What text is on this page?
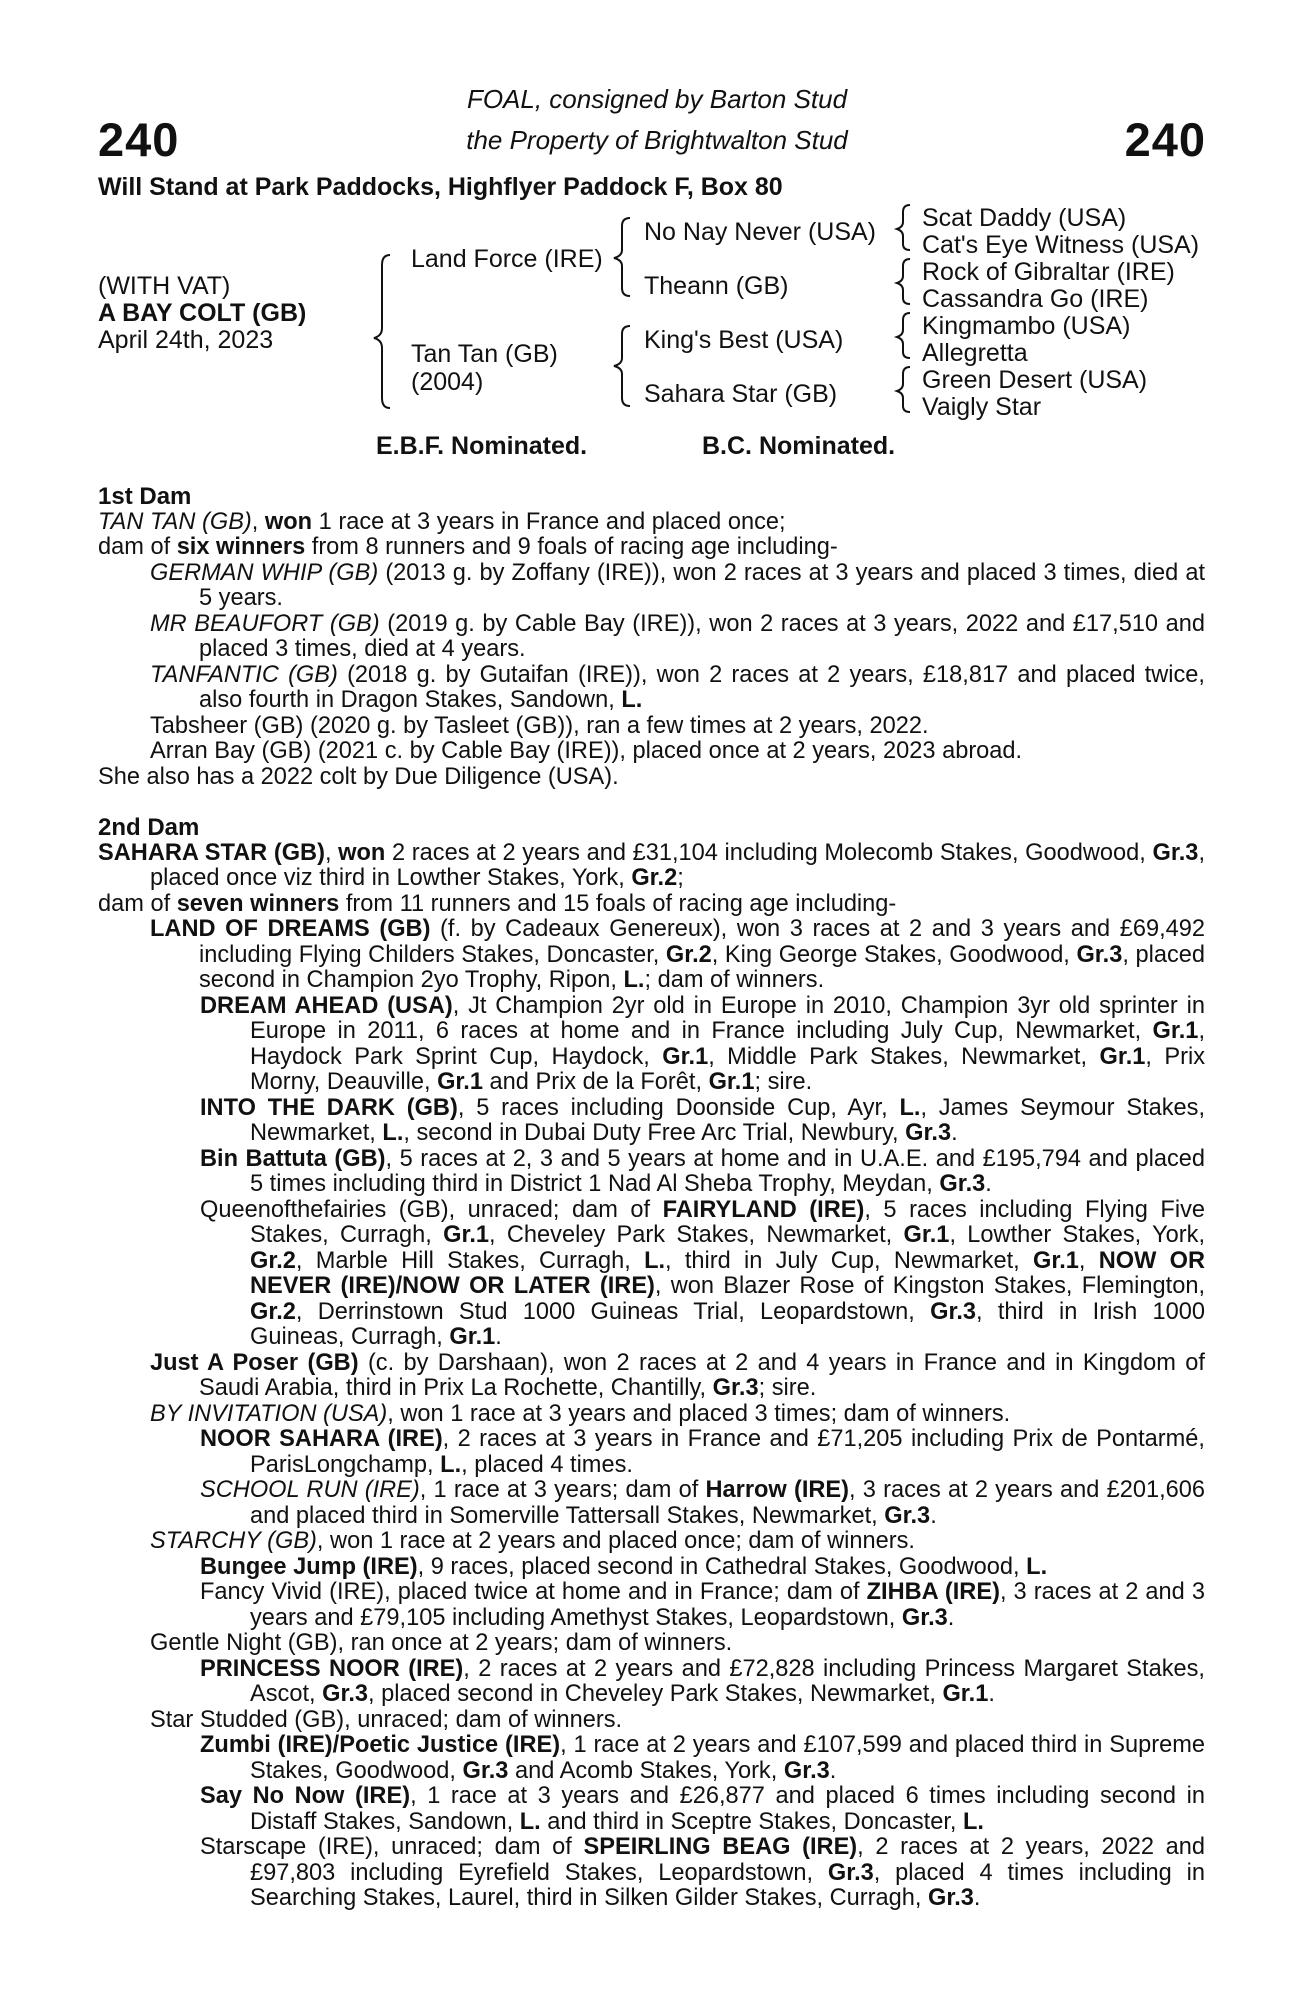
240	240
FOAL, consigned by Barton Stud
the Property of Brightwalton Stud
Will Stand at Park Paddocks, Highflyer Paddock F, Box 80
(WITH VAT)
A BAY COLT (GB)
April 24th, 2023
Land Force (IRE)
Tan Tan (GB)
(2004)
No Nay Never (USA)
Theann (GB)
King's Best (USA)
Sahara Star (GB)
Scat Daddy (USA)
Cat's Eye Witness (USA)
Rock of Gibraltar (IRE)
Cassandra Go (IRE)
Kingmambo (USA)
Allegretta
Green Desert (USA)
Vaigly Star
E.B.F. Nominated.	B.C. Nominated.

1st Dam

TAN TAN (GB), won 1 race at 3 years in France and placed once;

dam of six winners from 8 runners and 9 foals of racing age including-

GERMAN WHIP (GB) (2013 g. by Zoffany (IRE)), won 2 races at 3 years and placed 3 times, died at 5 years.

MR BEAUFORT (GB) (2019 g. by Cable Bay (IRE)), won 2 races at 3 years, 2022 and £17,510 and placed 3 times, died at 4 years.

TANFANTIC (GB) (2018 g. by Gutaifan (IRE)), won 2 races at 2 years, £18,817 and placed twice, also fourth in Dragon Stakes, Sandown, L.

Tabsheer (GB) (2020 g. by Tasleet (GB)), ran a few times at 2 years, 2022.

Arran Bay (GB) (2021 c. by Cable Bay (IRE)), placed once at 2 years, 2023 abroad.

She also has a 2022 colt by Due Diligence (USA).

2nd Dam

SAHARA STAR (GB), won 2 races at 2 years and £31,104 including Molecomb Stakes, Goodwood, Gr.3, placed once viz third in Lowther Stakes, York, Gr.2;

dam of seven winners from 11 runners and 15 foals of racing age including-

LAND OF DREAMS (GB) (f. by Cadeaux Genereux), won 3 races at 2 and 3 years and £69,492 including Flying Childers Stakes, Doncaster, Gr.2, King George Stakes, Goodwood, Gr.3, placed second in Champion 2yo Trophy, Ripon, L.; dam of winners.

DREAM AHEAD (USA), Jt Champion 2yr old in Europe in 2010, Champion 3yr old sprinter in Europe in 2011, 6 races at home and in France including July Cup, Newmarket, Gr.1, Haydock Park Sprint Cup, Haydock, Gr.1, Middle Park Stakes, Newmarket, Gr.1, Prix Morny, Deauville, Gr.1 and Prix de la Forêt, Gr.1; sire.

INTO THE DARK (GB), 5 races including Doonside Cup, Ayr, L., James Seymour Stakes, Newmarket, L., second in Dubai Duty Free Arc Trial, Newbury, Gr.3.

Bin Battuta (GB), 5 races at 2, 3 and 5 years at home and in U.A.E. and £195,794 and placed 5 times including third in District 1 Nad Al Sheba Trophy, Meydan, Gr.3.

Queenofthefairies (GB), unraced; dam of FAIRYLAND (IRE), 5 races including Flying Five Stakes, Curragh, Gr.1, Cheveley Park Stakes, Newmarket, Gr.1, Lowther Stakes, York, Gr.2, Marble Hill Stakes, Curragh, L., third in July Cup, Newmarket, Gr.1, NOW OR NEVER (IRE)/NOW OR LATER (IRE), won Blazer Rose of Kingston Stakes, Flemington, Gr.2, Derrinstown Stud 1000 Guineas Trial, Leopardstown, Gr.3, third in Irish 1000 Guineas, Curragh, Gr.1.

Just A Poser (GB) (c. by Darshaan), won 2 races at 2 and 4 years in France and in Kingdom of Saudi Arabia, third in Prix La Rochette, Chantilly, Gr.3; sire.

BY INVITATION (USA), won 1 race at 3 years and placed 3 times; dam of winners.

NOOR SAHARA (IRE), 2 races at 3 years in France and £71,205 including Prix de Pontarmé, ParisLongchamp, L., placed 4 times.

SCHOOL RUN (IRE), 1 race at 3 years; dam of Harrow (IRE), 3 races at 2 years and £201,606 and placed third in Somerville Tattersall Stakes, Newmarket, Gr.3.

STARCHY (GB), won 1 race at 2 years and placed once; dam of winners.

Bungee Jump (IRE), 9 races, placed second in Cathedral Stakes, Goodwood, L.

Fancy Vivid (IRE), placed twice at home and in France; dam of ZIHBA (IRE), 3 races at 2 and 3 years and £79,105 including Amethyst Stakes, Leopardstown, Gr.3.

Gentle Night (GB), ran once at 2 years; dam of winners.

PRINCESS NOOR (IRE), 2 races at 2 years and £72,828 including Princess Margaret Stakes, Ascot, Gr.3, placed second in Cheveley Park Stakes, Newmarket, Gr.1.

Star Studded (GB), unraced; dam of winners.

Zumbi (IRE)/Poetic Justice (IRE), 1 race at 2 years and £107,599 and placed third in Supreme Stakes, Goodwood, Gr.3 and Acomb Stakes, York, Gr.3.

Say No Now (IRE), 1 race at 3 years and £26,877 and placed 6 times including second in Distaff Stakes, Sandown, L. and third in Sceptre Stakes, Doncaster, L.

Starscape (IRE), unraced; dam of SPEIRLING BEAG (IRE), 2 races at 2 years, 2022 and £97,803 including Eyrefield Stakes, Leopardstown, Gr.3, placed 4 times including in Searching Stakes, Laurel, third in Silken Gilder Stakes, Curragh, Gr.3.
